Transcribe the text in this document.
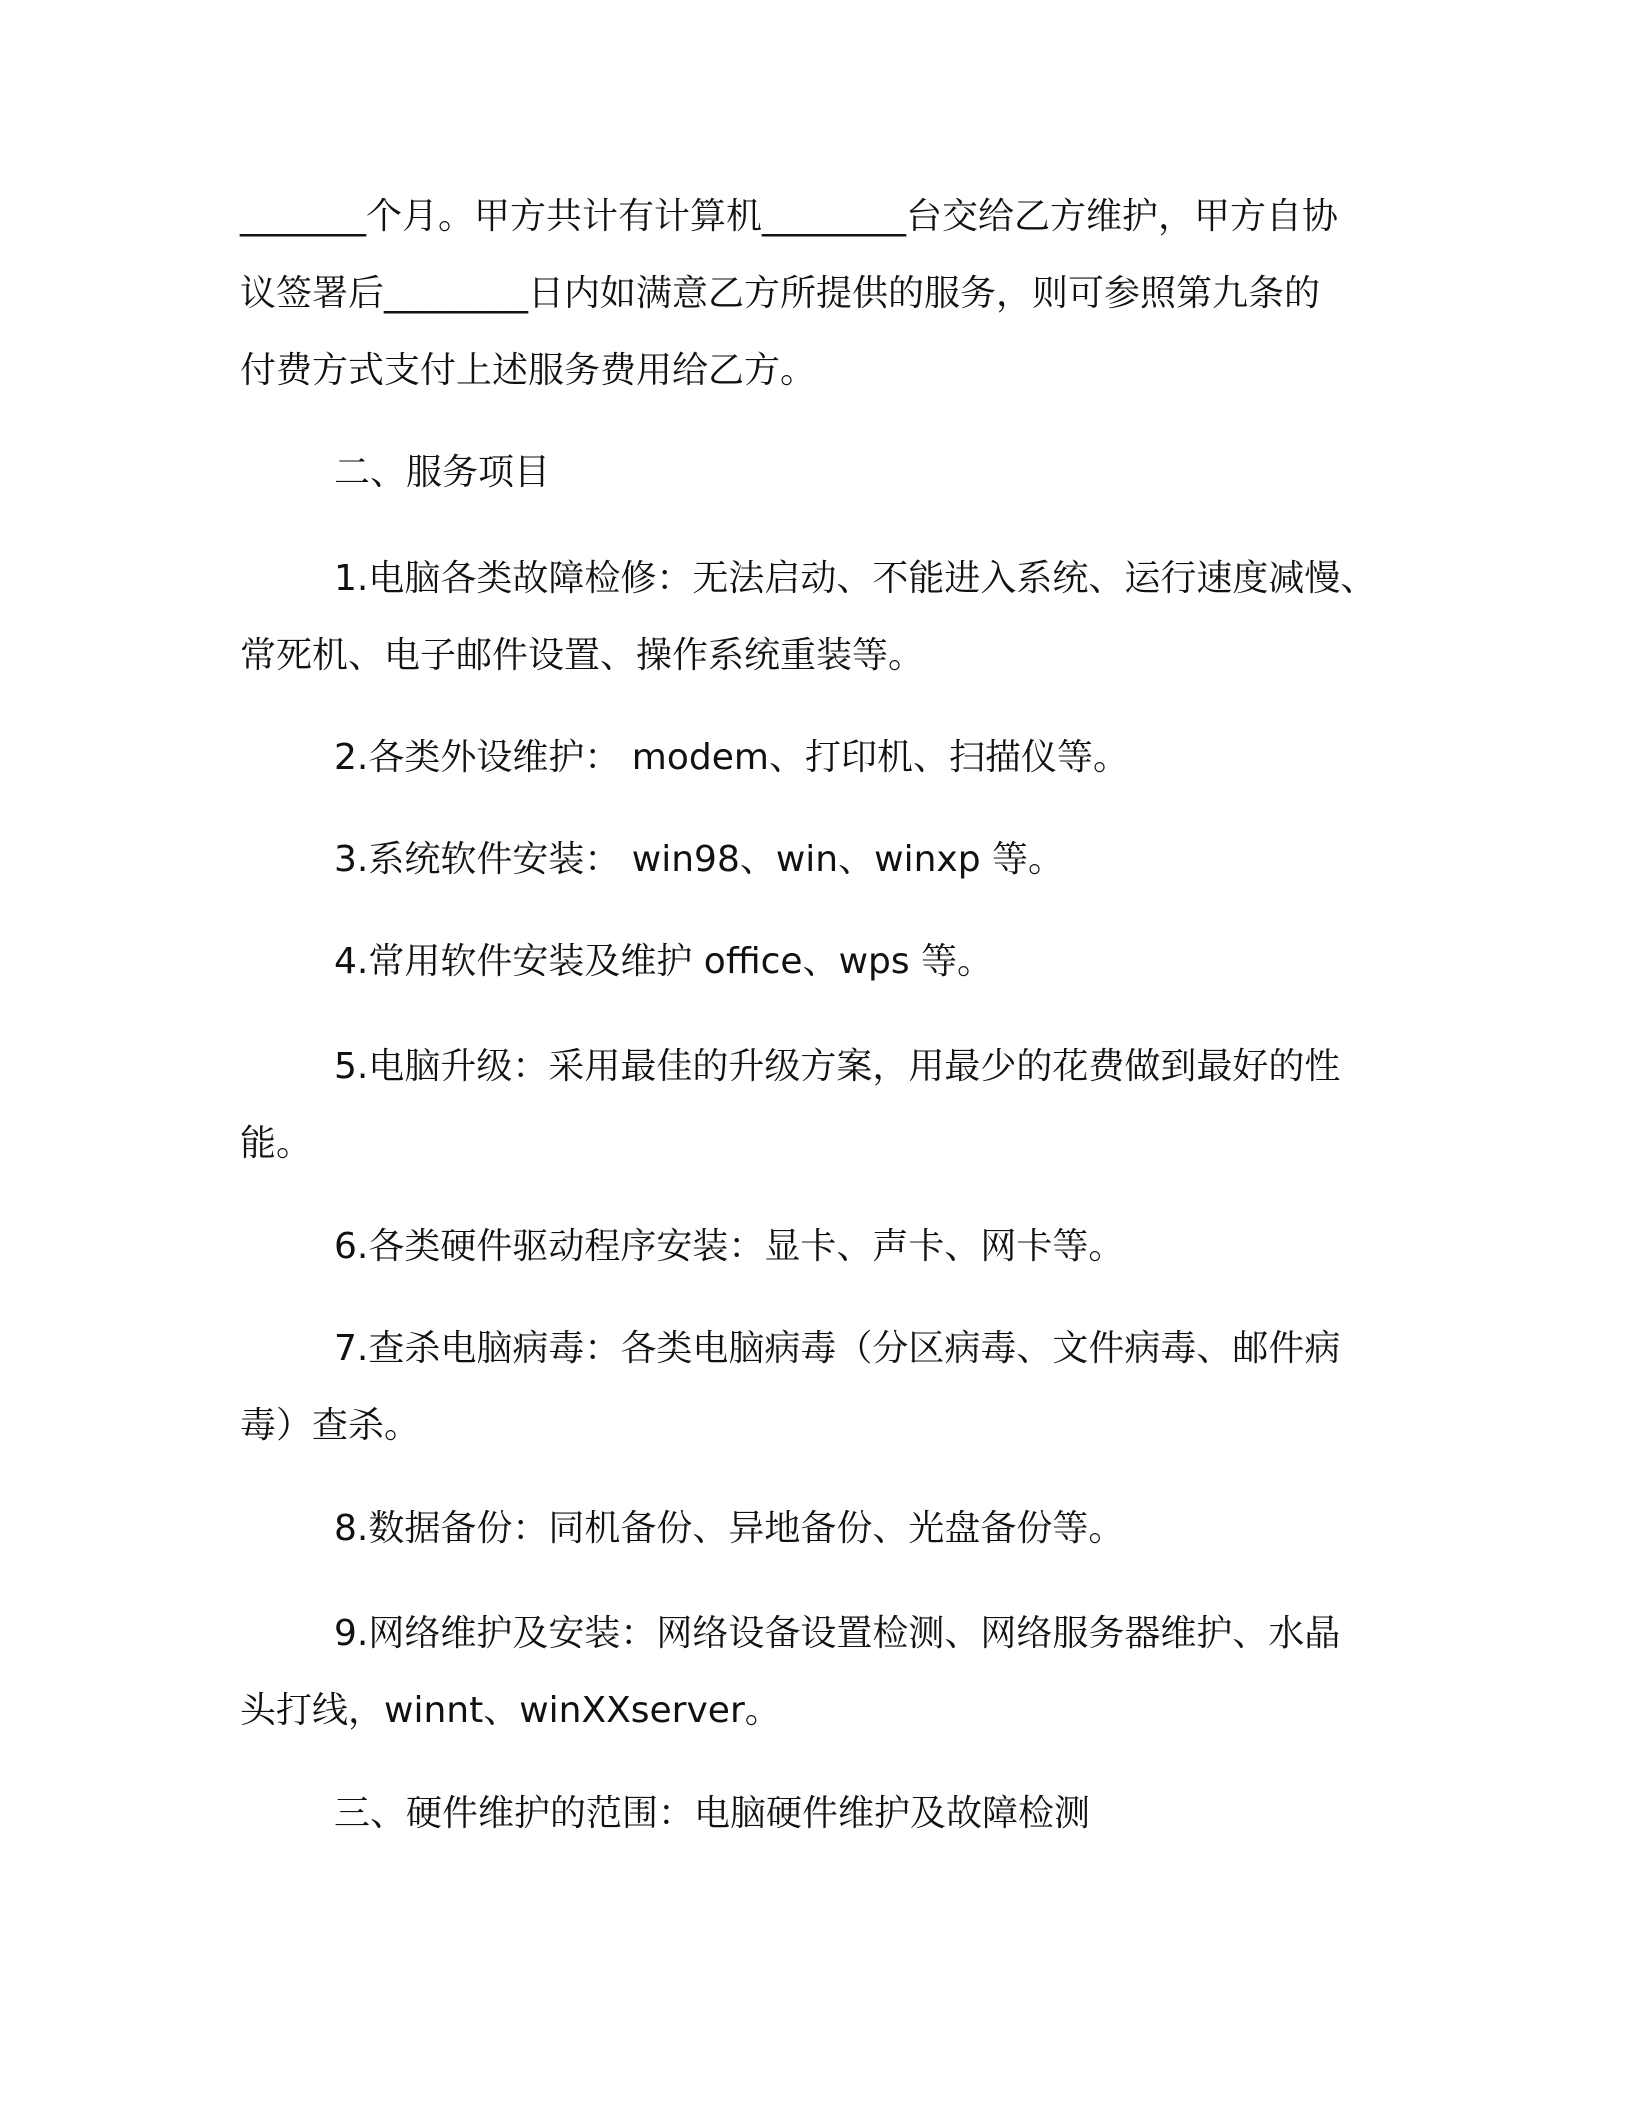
_______个月。甲方共计有计算机________台交给乙方维护，甲方自协
议签署后________日内如满意乙方所提供的服务，则可参照第九条的
付费方式支付上述服务费用给乙方。
二、服务项目
1.电脑各类故障检修：无法启动、不能进入系统、运行速度减慢、
常死机、电子邮件设置、操作系统重装等。
2.各类外设维护： modem、打印机、扫描仪等。
3.系统软件安装： win98、win、winxp 等。
4.常用软件安装及维护 office、wps 等。
5.电脑升级：采用最佳的升级方案，用最少的花费做到最好的性
能。
6.各类硬件驱动程序安装：显卡、声卡、网卡等。
7.查杀电脑病毒：各类电脑病毒（分区病毒、文件病毒、邮件病
毒）查杀。
8.数据备份：同机备份、异地备份、光盘备份等。
9.网络维护及安装：网络设备设置检测、网络服务器维护、水晶
头打线，winnt、winXXserver。
三、硬件维护的范围：电脑硬件维护及故障检测
